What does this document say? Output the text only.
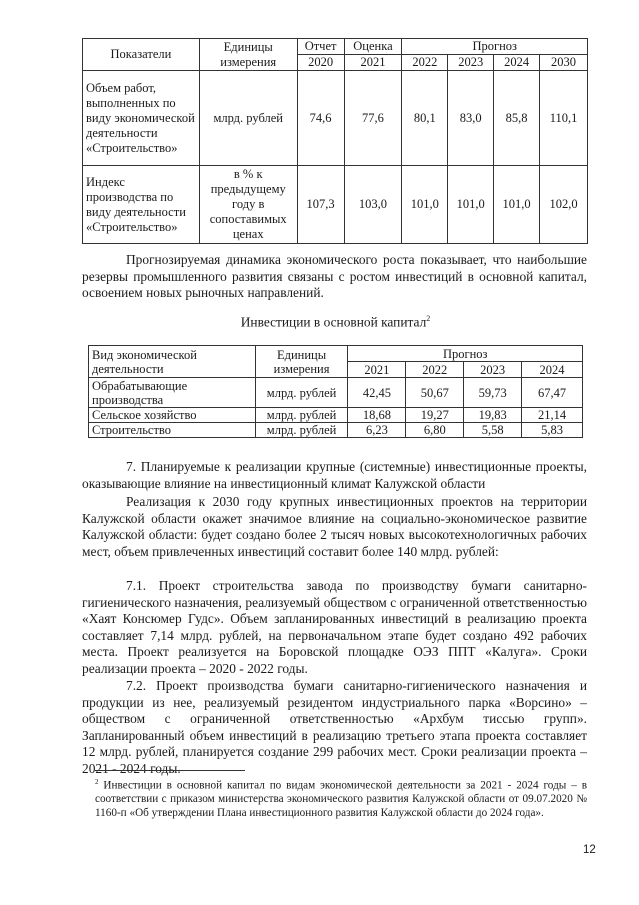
Показатели	Единицы измерения	Отчет	Оценка	Прогноз			
		2020	2021	2022	2023	2024	2030
Объем работ, выполненных по виду экономической деятельности «Строительство»	млрд. рублей	74,6	77,6	80,1	83,0	85,8	110,1
Индекс производства по виду деятельности «Строительство»	в % к предыдущему году в сопоставимых ценах	107,3	103,0	101,0	101,0	101,0	102,0

Прогнозируемая динамика экономического роста показывает, что наибольшие резервы промышленного развития связаны с ростом инвестиций в основной капитал, освоением новых рыночных направлений.

Инвестиции в основной капитал$^2$

Вид экономической деятельности	Единицы измерения	Прогноз			
		2021	2022	2023	2024
Обрабатывающие производства	млрд. рублей	42,45	50,67	59,73	67,47
Сельское хозяйство	млрд. рублей	18,68	19,27	19,83	21,14
Строительство	млрд. рублей	6,23	6,80	5,58	5,83

7. Планируемые к реализации крупные (системные) инвестиционные проекты, оказывающие влияние на инвестиционный климат Калужской области

Реализация к 2030 году крупных инвестиционных проектов на территории Калужской области окажет значимое влияние на социально-экономическое развитие Калужской области: будет создано более 2 тысяч новых высокотехнологичных рабочих мест, объем привлеченных инвестиций составит более 140 млрд. рублей:

7.1. Проект строительства завода по производству бумаги санитарно-гигиенического назначения, реализуемый обществом с ограниченной ответственностью «Хаят Консюмер Гудс». Объем запланированных инвестиций в реализацию проекта составляет 7,14 млрд. рублей, на первоначальном этапе будет создано 492 рабочих места. Проект реализуется на Боровской площадке ОЭЗ ППТ «Калуга». Сроки реализации проекта – 2020 - 2022 годы.

7.2. Проект производства бумаги санитарно-гигиенического назначения и продукции из нее, реализуемый резидентом индустриального парка «Ворсино» – обществом с ограниченной ответственностью «Архбум тиссью групп». Запланированный объем инвестиций в реализацию третьего этапа проекта составляет 12 млрд. рублей, планируется создание 299 рабочих мест. Сроки реализации проекта – 2021 - 2024 годы.

$^2$ Инвестиции в основной капитал по видам экономической деятельности за 2021 - 2024 годы – в соответствии с приказом министерства экономического развития Калужской области от 09.07.2020 № 1160-п «Об утверждении Плана инвестиционного развития Калужской области до 2024 года».

12
